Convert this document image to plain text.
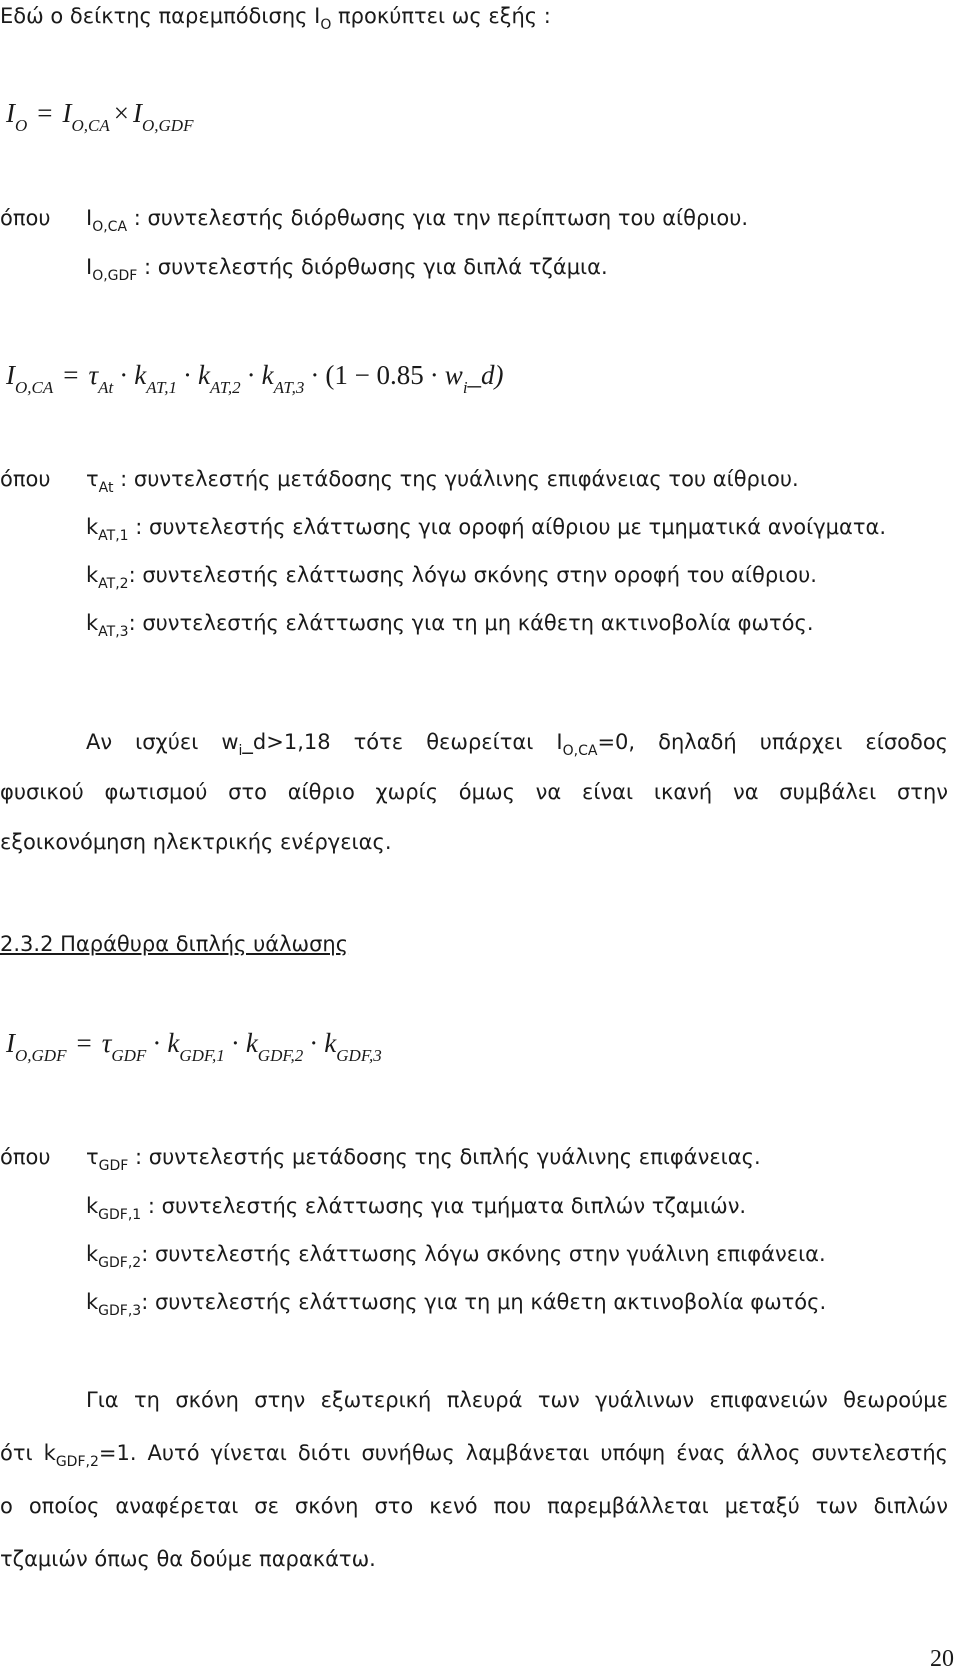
Εδώ ο δείκτης παρεμπόδισης $I_O$ προκύπτει ως εξής :
$I_O = I_{O,CA} \times I_{O,GDF}$
όπου $I_{O,CA}$ : συντελεστής διόρθωσης για την περίπτωση του αίθριου.
$I_{O,GDF}$ : συντελεστής διόρθωσης για διπλά τζάμια.
$I_{O,CA} = \tau_{At} \cdot k_{AT,1} \cdot k_{AT,2} \cdot k_{AT,3} \cdot (1 - 0.85$ · $w_i\_d$)
όπου $\tau_{At}$ : συντελεστής μετάδοσης της γυάλινης επιφάνειας του αίθριου.
$k_{AT,1}$ : συντελεστής ελάττωσης για οροφή αίθριου με τμηματικά ανοίγματα.
$k_{AT,2}$: συντελεστής ελάττωσης λόγω σκόνης στην οροφή του αίθριου.
$k_{AT,3}$: συντελεστής ελάττωσης για τη μη κάθετη ακτινοβολία φωτός.

Αν ισχύει $w_i\_d>1,18$ τότε θεωρείται $I_{O,CA}=0$, δηλαδή υπάρχει είσοδος

φυσικού φωτισμού στο αίθριο χωρίς όμως να είναι ικανή να συμβάλει στην

εξοικονόμηση ηλεκτρικής ενέργειας.

2.3.2 Παράθυρα διπλής υάλωσης
$I_{O,GDF} = \tau_{GDF} \cdot k_{GDF,1} \cdot k_{GDF,2} \cdot k_{GDF,3}$
όπου $\tau_{GDF}$ : συντελεστής μετάδοσης της διπλής γυάλινης επιφάνειας.
$k_{GDF,1}$ : συντελεστής ελάττωσης για τμήματα διπλών τζαμιών.
$k_{GDF,2}$: συντελεστής ελάττωσης λόγω σκόνης στην γυάλινη επιφάνεια.
$k_{GDF,3}$: συντελεστής ελάττωσης για τη μη κάθετη ακτινοβολία φωτός.

Για τη σκόνη στην εξωτερική πλευρά των γυάλινων επιφανειών θεωρούμε

ότι $k_{GDF,2}=1$. Αυτό γίνεται διότι συνήθως λαμβάνεται υπόψη ένας άλλος συντελεστής

ο οποίος αναφέρεται σε σκόνη στο κενό που παρεμβάλλεται μεταξύ των διπλών

τζαμιών όπως θα δούμε παρακάτω.

20
